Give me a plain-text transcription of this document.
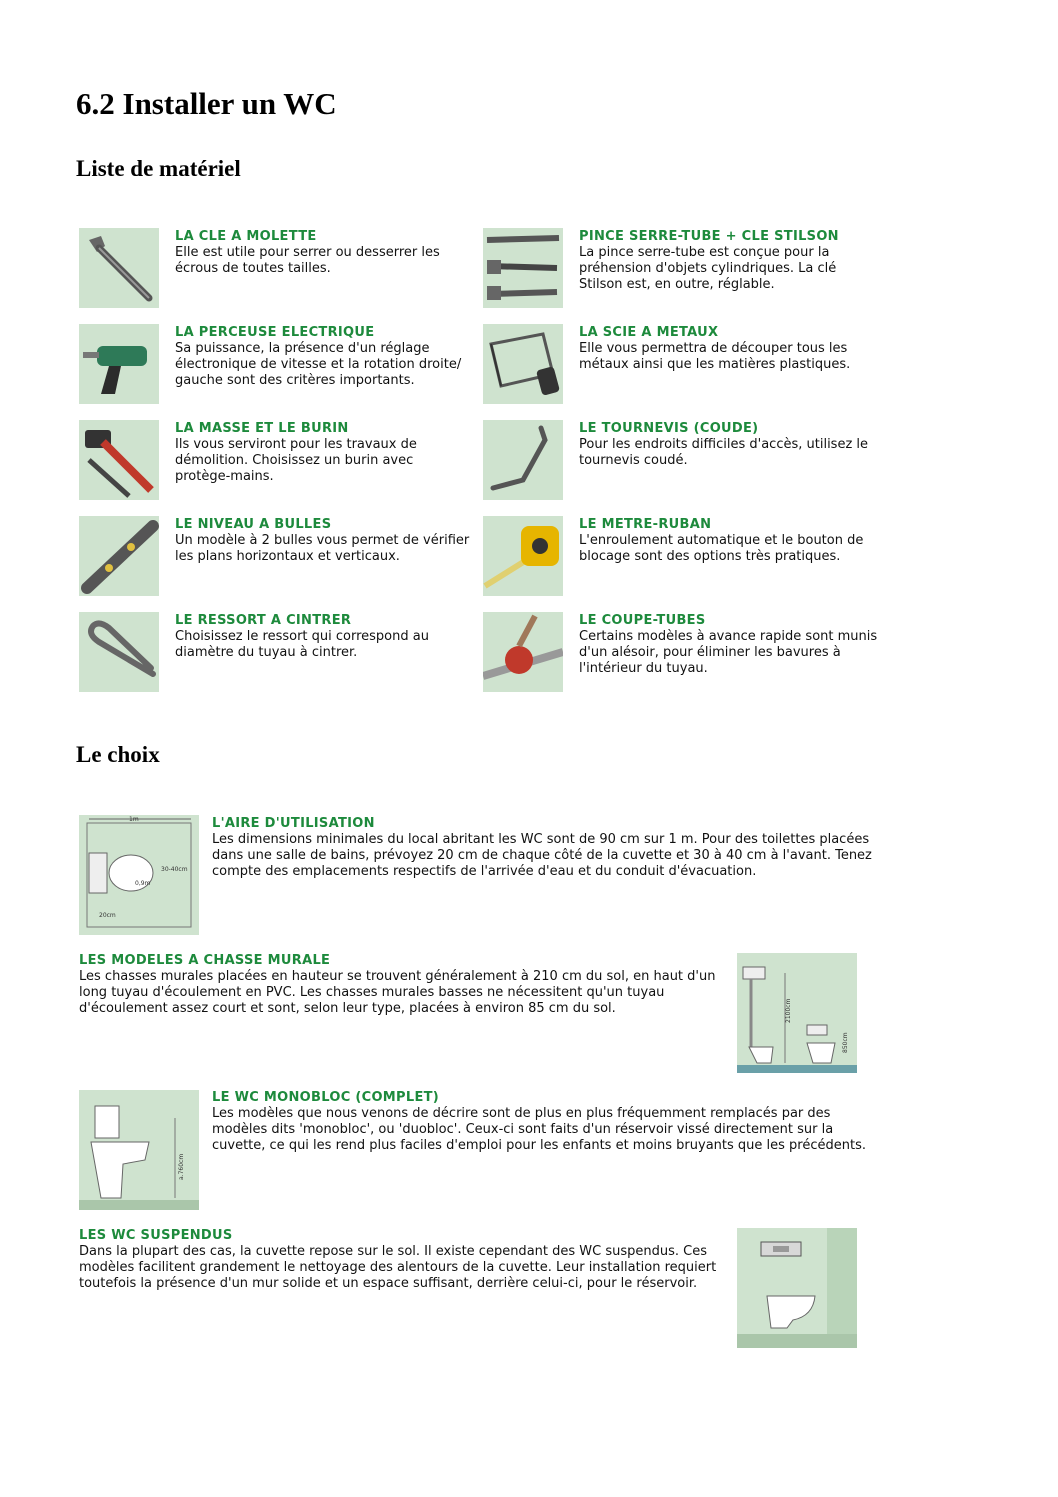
6.2 Installer un WC
Liste de matériel
LA CLE A MOLETTE
Elle est utile pour serrer ou desserrer les écrous de toutes tailles.
PINCE SERRE-TUBE + CLE STILSON
La pince serre-tube est conçue pour la préhension d'objets cylindriques. La clé Stilson est, en outre, réglable.
LA PERCEUSE ELECTRIQUE
Sa puissance, la présence d'un réglage électronique de vitesse et la rotation droite/ gauche sont des critères importants.
LA SCIE A METAUX
Elle vous permettra de découper tous les métaux ainsi que les matières plastiques.
LA MASSE ET LE BURIN
Ils vous serviront pour les travaux de démolition. Choisissez un burin avec protège-mains.
LE TOURNEVIS (COUDE)
Pour les endroits difficiles d'accès, utilisez le tournevis coudé.
LE NIVEAU A BULLES
Un modèle à 2 bulles vous permet de vérifier les plans horizontaux et verticaux.
LE METRE-RUBAN
L'enroulement automatique et le bouton de blocage sont des options très pratiques.
LE RESSORT A CINTRER
Choisissez le ressort qui correspond au diamètre du tuyau à cintrer.
LE COUPE-TUBES
Certains modèles à avance rapide sont munis d'un alésoir, pour éliminer les bavures à l'intérieur du tuyau.
Le choix
1m
30-40cm
0,9m
20cm
L'AIRE D'UTILISATION
Les dimensions minimales du local abritant les WC sont de 90 cm sur 1 m. Pour des toilettes placées dans une salle de bains, prévoyez 20 cm de chaque côté de la cuvette et 30 à 40 cm à l'avant. Tenez compte des emplacements respectifs de l'arrivée d'eau et du conduit d'évacuation.
LES MODELES A CHASSE MURALE
Les chasses murales placées en hauteur se trouvent généralement à 210 cm du sol, en haut d'un long tuyau d'écoulement en PVC. Les chasses murales basses ne nécessitent qu'un tuyau d'écoulement assez court et sont, selon leur type, placées à environ 85 cm du sol.	2100cm
850cm
a.760cm
LE WC MONOBLOC (COMPLET)
Les modèles que nous venons de décrire sont de plus en plus fréquemment remplacés par des modèles dits 'monobloc', ou 'duobloc'. Ceux-ci sont faits d'un réservoir vissé directement sur la cuvette, ce qui les rend plus faciles d'emploi pour les enfants et moins bruyants que les précédents.
LES WC SUSPENDUS
Dans la plupart des cas, la cuvette repose sur le sol. Il existe cependant des WC suspendus. Ces modèles facilitent grandement le nettoyage des alentours de la cuvette. Leur installation requiert toutefois la présence d'un mur solide et un espace suffisant, derrière celui-ci, pour le réservoir.
